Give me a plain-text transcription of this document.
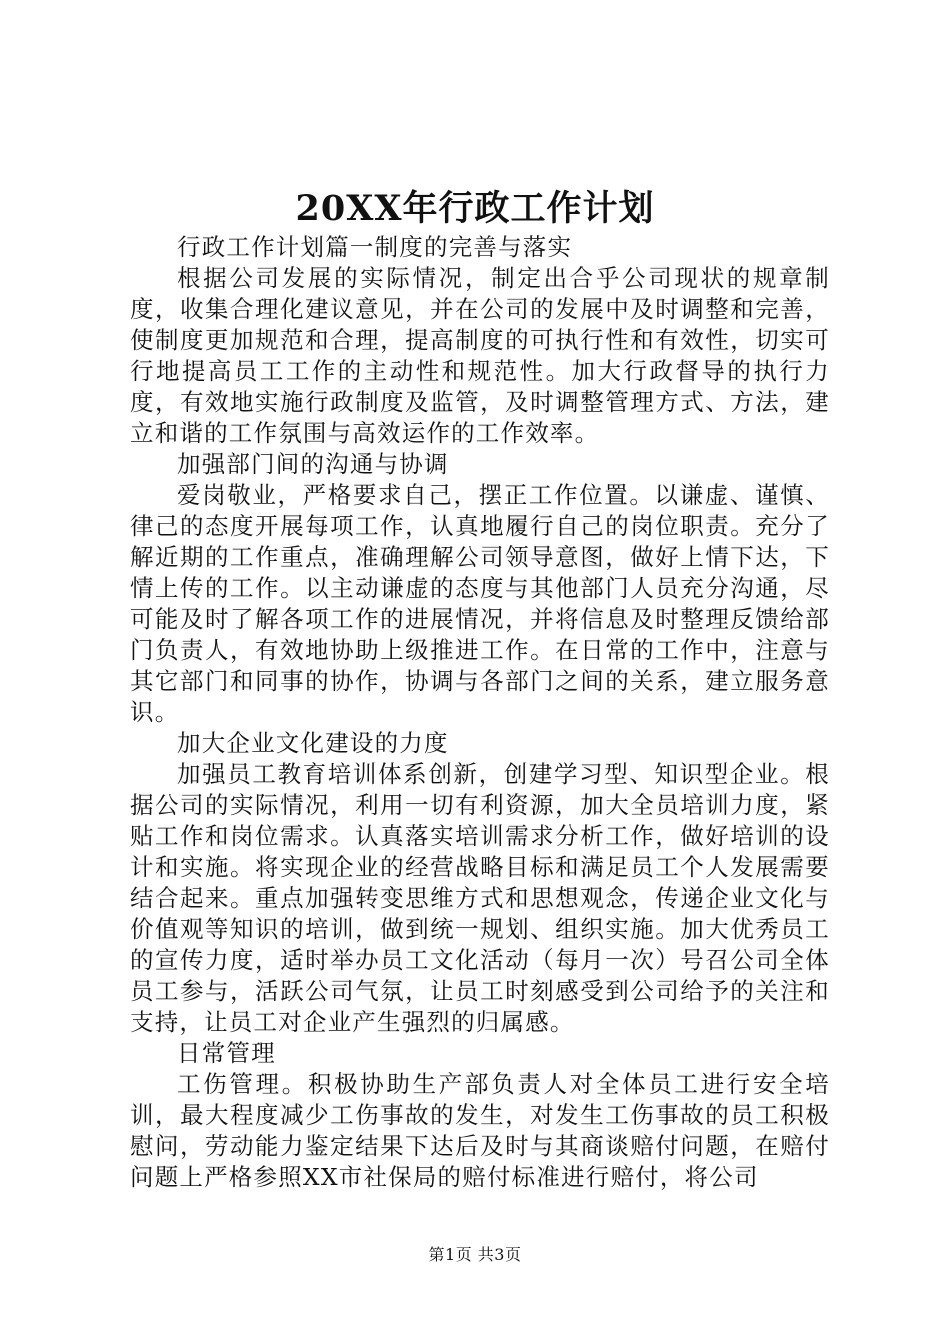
20XX年行政工作计划

行政工作计划篇一制度的完善与落实

根据公司发展的实际情况，制定出合乎公司现状的规章制度，收集合理化建议意见，并在公司的发展中及时调整和完善，使制度更加规范和合理，提高制度的可执行性和有效性，切实可行地提高员工工作的主动性和规范性。加大行政督导的执行力度，有效地实施行政制度及监管，及时调整管理方式、方法，建立和谐的工作氛围与高效运作的工作效率。

加强部门间的沟通与协调

爱岗敬业，严格要求自己，摆正工作位置。以谦虚、谨慎、律己的态度开展每项工作，认真地履行自己的岗位职责。充分了解近期的工作重点，准确理解公司领导意图，做好上情下达，下情上传的工作。以主动谦虚的态度与其他部门人员充分沟通，尽可能及时了解各项工作的进展情况，并将信息及时整理反馈给部门负责人，有效地协助上级推进工作。在日常的工作中，注意与其它部门和同事的协作，协调与各部门之间的关系，建立服务意识。

加大企业文化建设的力度

加强员工教育培训体系创新，创建学习型、知识型企业。根据公司的实际情况，利用一切有利资源，加大全员培训力度，紧贴工作和岗位需求。认真落实培训需求分析工作，做好培训的设计和实施。将实现企业的经营战略目标和满足员工个人发展需要结合起来。重点加强转变思维方式和思想观念，传递企业文化与价值观等知识的培训，做到统一规划、组织实施。加大优秀员工的宣传力度，适时举办员工文化活动（每月一次）号召公司全体员工参与，活跃公司气氛，让员工时刻感受到公司给予的关注和支持，让员工对企业产生强烈的归属感。

日常管理

工伤管理。积极协助生产部负责人对全体员工进行安全培训，最大程度减少工伤事故的发生，对发生工伤事故的员工积极慰问，劳动能力鉴定结果下达后及时与其商谈赔付问题，在赔付问题上严格参照XX市社保局的赔付标准进行赔付，将公司

第1页 共3页
